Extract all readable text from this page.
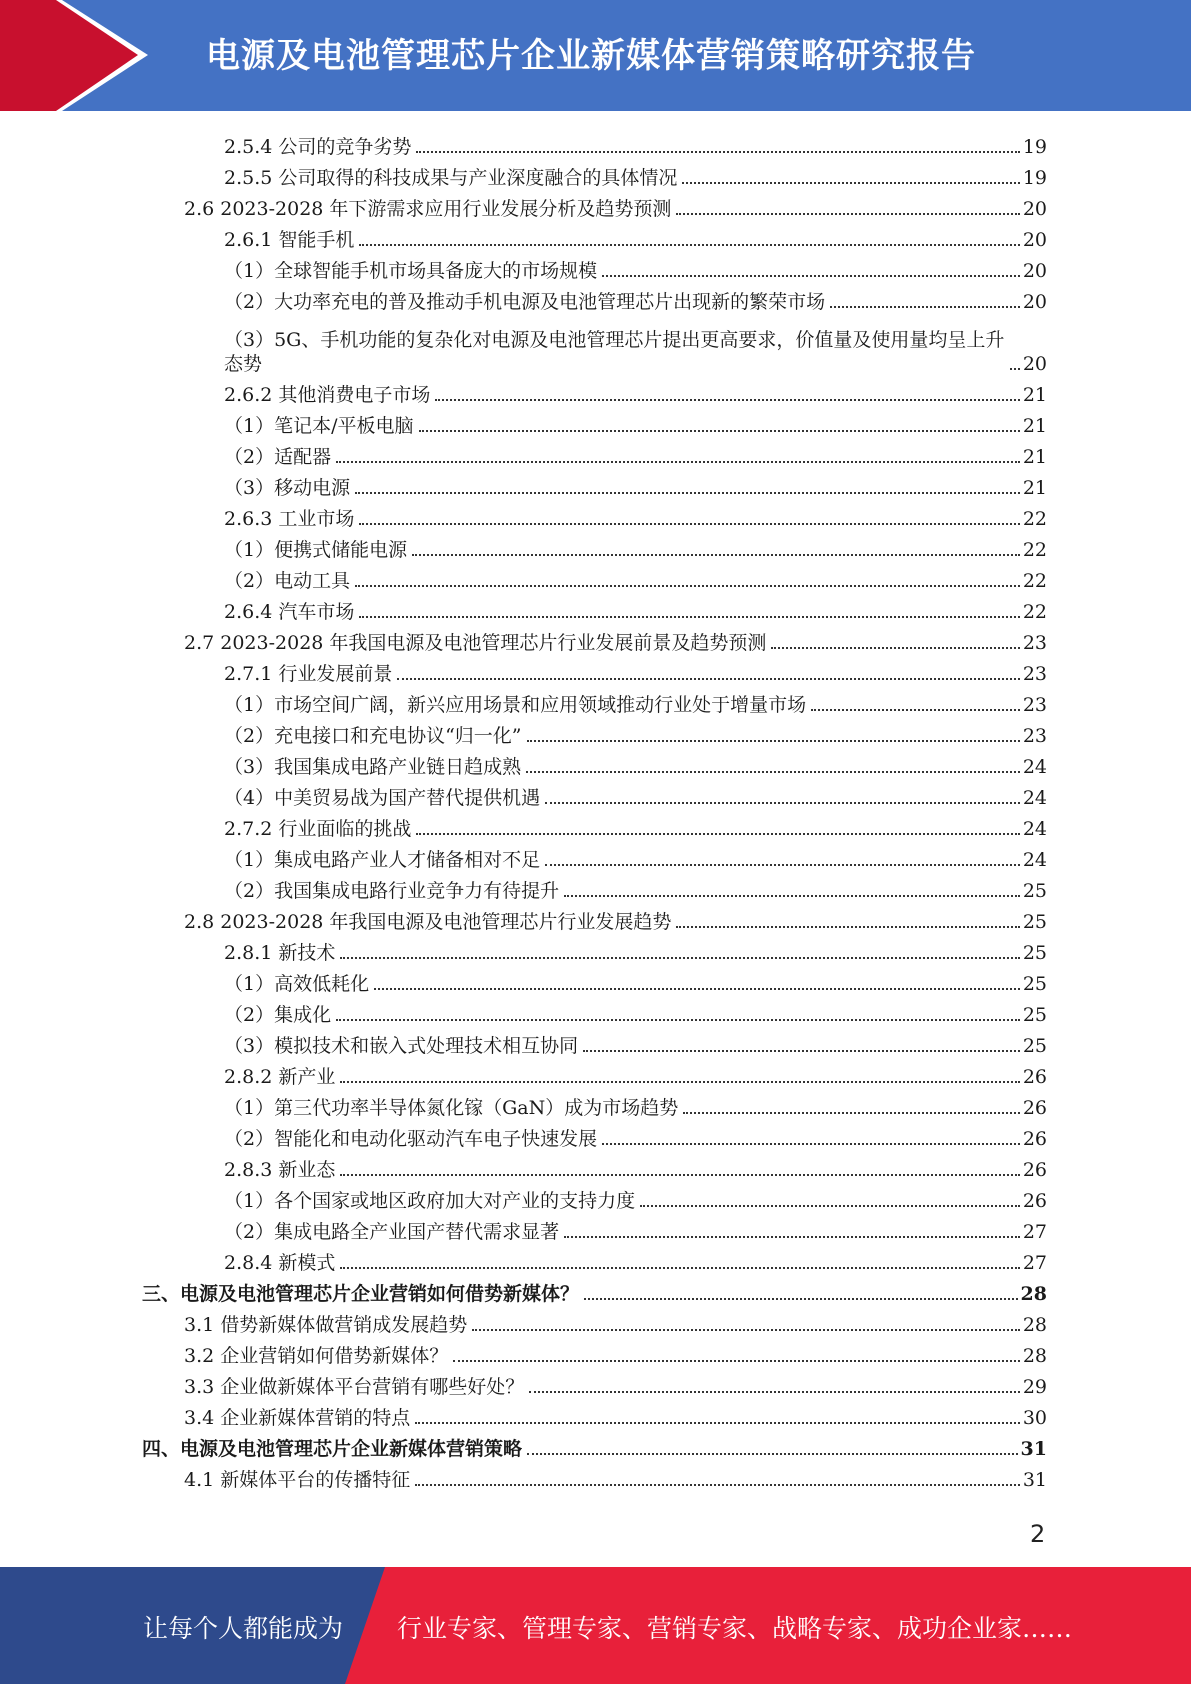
电源及电池管理芯片企业新媒体营销策略研究报告
2.5.4 公司的竞争劣势	19
2.5.5 公司取得的科技成果与产业深度融合的具体情况	19
2.6 2023-2028 年下游需求应用行业发展分析及趋势预测	20
2.6.1 智能手机	20
（1）全球智能手机市场具备庞大的市场规模	20
（2）大功率充电的普及推动手机电源及电池管理芯片出现新的繁荣市场	20
（3）5G、手机功能的复杂化对电源及电池管理芯片提出更高要求，价值量及使用量均呈上升态势	20
2.6.2 其他消费电子市场	21
（1）笔记本/平板电脑	21
（2）适配器	21
（3）移动电源	21
2.6.3 工业市场	22
（1）便携式储能电源	22
（2）电动工具	22
2.6.4 汽车市场	22
2.7 2023-2028 年我国电源及电池管理芯片行业发展前景及趋势预测	23
2.7.1 行业发展前景	23
（1）市场空间广阔，新兴应用场景和应用领域推动行业处于增量市场	23
（2）充电接口和充电协议“归一化”	23
（3）我国集成电路产业链日趋成熟	24
（4）中美贸易战为国产替代提供机遇	24
2.7.2 行业面临的挑战	24
（1）集成电路产业人才储备相对不足	24
（2）我国集成电路行业竞争力有待提升	25
2.8 2023-2028 年我国电源及电池管理芯片行业发展趋势	25
2.8.1 新技术	25
（1）高效低耗化	25
（2）集成化	25
（3）模拟技术和嵌入式处理技术相互协同	25
2.8.2 新产业	26
（1）第三代功率半导体氮化镓（GaN）成为市场趋势	26
（2）智能化和电动化驱动汽车电子快速发展	26
2.8.3 新业态	26
（1）各个国家或地区政府加大对产业的支持力度	26
（2）集成电路全产业国产替代需求显著	27
2.8.4 新模式	27
三、电源及电池管理芯片企业营销如何借势新媒体？	28
3.1 借势新媒体做营销成发展趋势	28
3.2 企业营销如何借势新媒体？	28
3.3 企业做新媒体平台营销有哪些好处？	29
3.4 企业新媒体营销的特点	30
四、电源及电池管理芯片企业新媒体营销策略	31
4.1 新媒体平台的传播特征	31
2
让每个人都能成为 行业专家、管理专家、营销专家、战略专家、成功企业家……
